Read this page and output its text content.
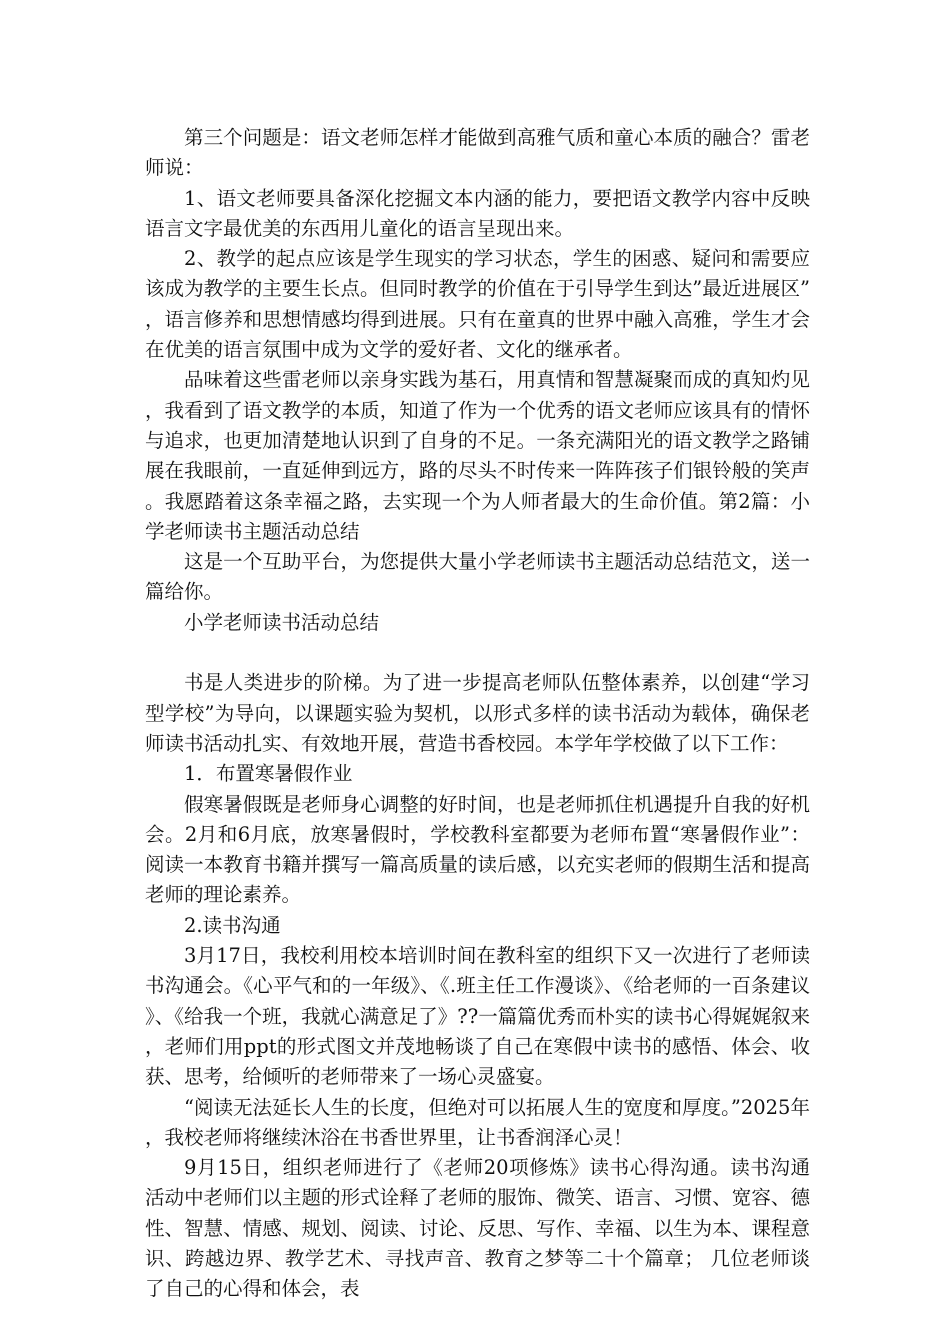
第三个问题是：语文老师怎样才能做到高雅气质和童心本质的融合？雷老师说：

1、语文老师要具备深化挖掘文本内涵的能力，要把语文教学内容中反映语言文字最优美的东西用儿童化的语言呈现出来。

2、教学的起点应该是学生现实的学习状态，学生的困惑、疑问和需要应该成为教学的主要生长点。但同时教学的价值在于引导学生到达”最近进展区”，语言修养和思想情感均得到进展。只有在童真的世界中融入高雅，学生才会在优美的语言氛围中成为文学的爱好者、文化的继承者。

品味着这些雷老师以亲身实践为基石，用真情和智慧凝聚而成的真知灼见，我看到了语文教学的本质，知道了作为一个优秀的语文老师应该具有的情怀与追求，也更加清楚地认识到了自身的不足。一条充满阳光的语文教学之路铺展在我眼前，一直延伸到远方，路的尽头不时传来一阵阵孩子们银铃般的笑声。我愿踏着这条幸福之路，去实现一个为人师者最大的生命价值。第2篇：小学老师读书主题活动总结

这是一个互助平台，为您提供大量小学老师读书主题活动总结范文，送一篇给你。

小学老师读书活动总结

书是人类进步的阶梯。为了进一步提高老师队伍整体素养，以创建“学习型学校”为导向，以课题实验为契机，以形式多样的读书活动为载体，确保老师读书活动扎实、有效地开展，营造书香校园。本学年学校做了以下工作：

1．布置寒暑假作业

假寒暑假既是老师身心调整的好时间，也是老师抓住机遇提升自我的好机会。2月和6月底，放寒暑假时，学校教科室都要为老师布置“寒暑假作业”：阅读一本教育书籍并撰写一篇高质量的读后感，以充实老师的假期生活和提高老师的理论素养。

2.读书沟通

3月17日，我校利用校本培训时间在教科室的组织下又一次进行了老师读书沟通会。《心平气和的一年级》、《.班主任工作漫谈》、《给老师的一百条建议》、《给我一个班，我就心满意足了》??一篇篇优秀而朴实的读书心得娓娓叙来，老师们用ppt的形式图文并茂地畅谈了自己在寒假中读书的感悟、体会、收获、思考，给倾听的老师带来了一场心灵盛宴。

“阅读无法延长人生的长度，但绝对可以拓展人生的宽度和厚度。”2025年，我校老师将继续沐浴在书香世界里，让书香润泽心灵！

9月15日，组织老师进行了《老师20项修炼》读书心得沟通。读书沟通活动中老师们以主题的形式诠释了老师的服饰、微笑、语言、习惯、宽容、德性、智慧、情感、规划、阅读、讨论、反思、写作、幸福、以生为本、课程意识、跨越边界、教学艺术、寻找声音、教育之梦等二十个篇章； 几位老师谈了自己的心得和体会，表
